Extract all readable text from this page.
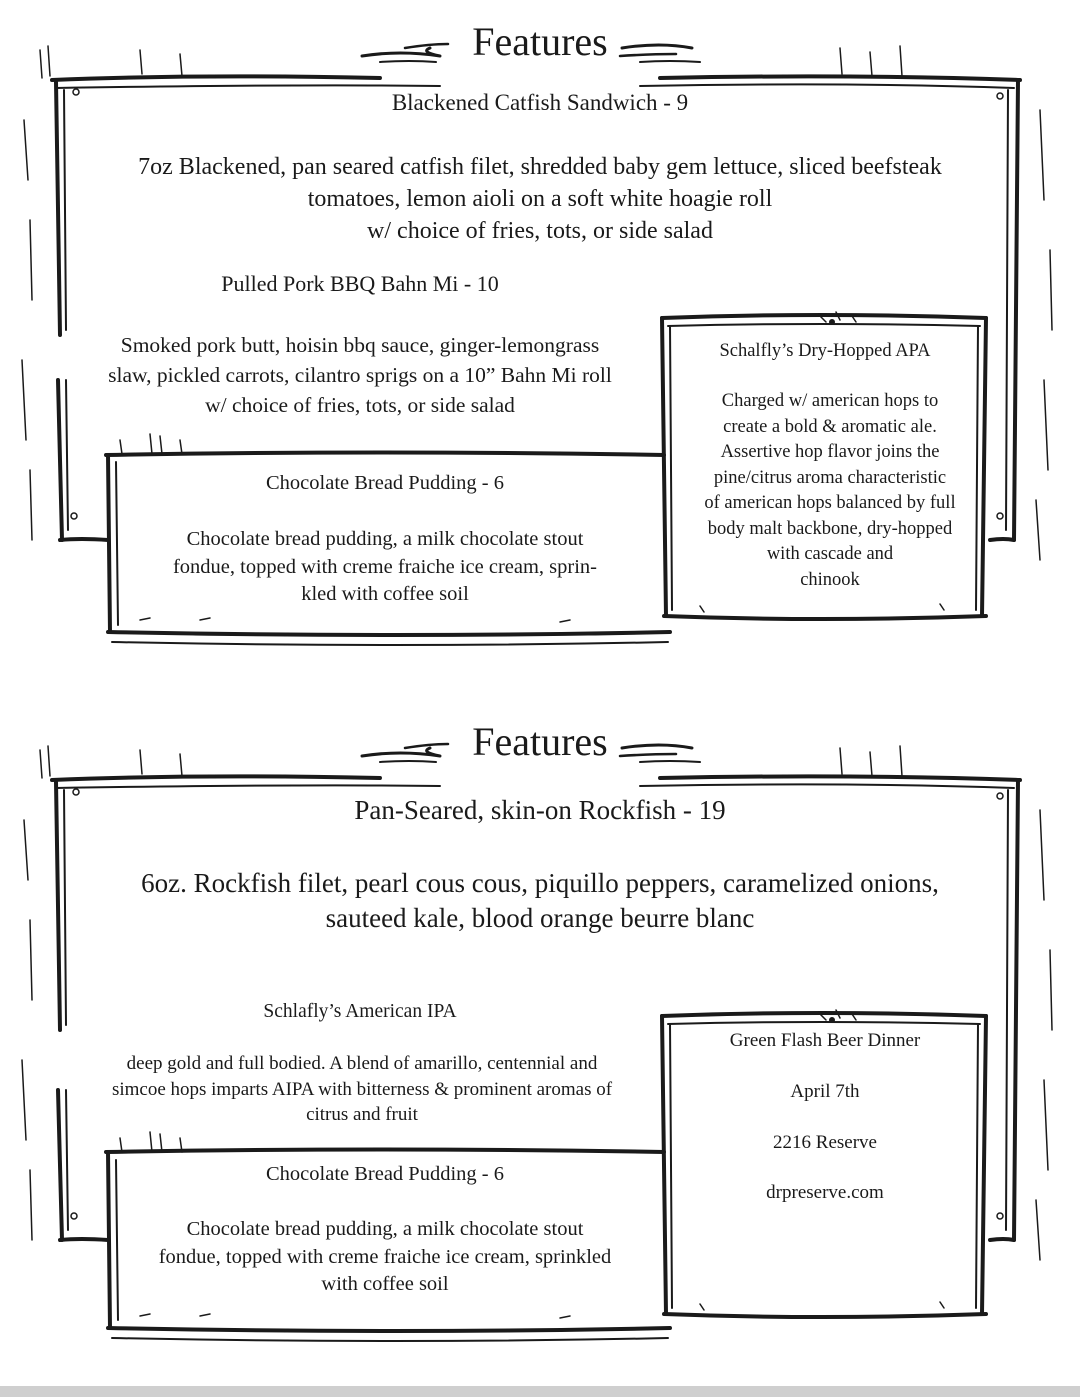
Features
Blackened Catfish Sandwich - 9
7oz Blackened, pan seared catfish filet, shredded baby gem lettuce, sliced beefsteak
tomatoes, lemon aioli on a soft white hoagie roll
w/ choice of fries, tots, or side salad
Pulled Pork BBQ Bahn Mi - 10
Smoked pork butt, hoisin bbq sauce, ginger-lemongrass
slaw, pickled carrots, cilantro sprigs on a 10” Bahn Mi roll
w/ choice of fries, tots, or side salad
Chocolate Bread Pudding - 6
Chocolate bread pudding, a milk chocolate stout
fondue, topped with creme fraiche ice cream, sprin-
kled with coffee soil
Schalfly’s Dry-Hopped APA
Charged w/ american hops to
create a bold & aromatic ale.
Assertive hop flavor joins the
pine/citrus aroma characteristic
of american hops balanced by full
body malt backbone, dry-hopped
with cascade and
chinook
Features
Pan-Seared, skin-on Rockfish - 19
6oz. Rockfish filet, pearl cous cous, piquillo peppers, caramelized onions,
sauteed kale, blood orange beurre blanc
Schlafly’s American IPA
deep gold and full bodied. A blend of amarillo, centennial and
simcoe hops imparts AIPA with bitterness & prominent aromas of
citrus and fruit
Chocolate Bread Pudding - 6
Chocolate bread pudding, a milk chocolate stout
fondue, topped with creme fraiche ice cream, sprinkled
with coffee soil
Green Flash Beer Dinner
April 7th
2216 Reserve
drpreserve.com
